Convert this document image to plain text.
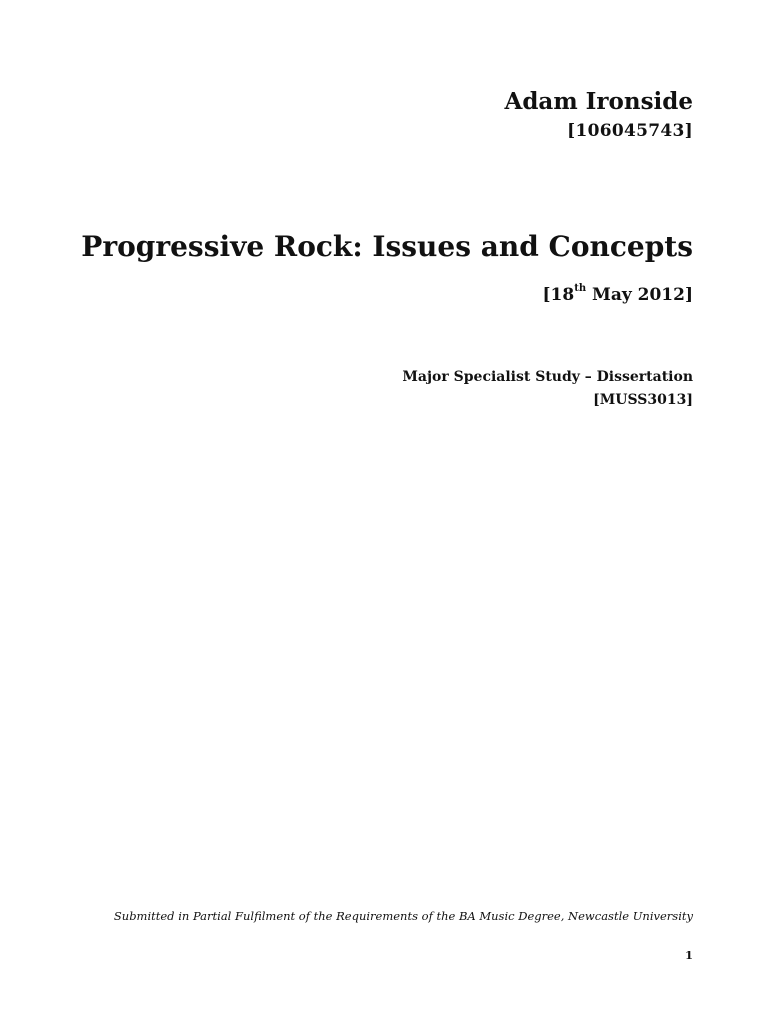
Adam Ironside
[106045743]
Progressive Rock: Issues and Concepts
[18th May 2012]
Major Specialist Study – Dissertation
[MUSS3013]
Submitted in Partial Fulfilment of the Requirements of the BA Music Degree, Newcastle University
1
